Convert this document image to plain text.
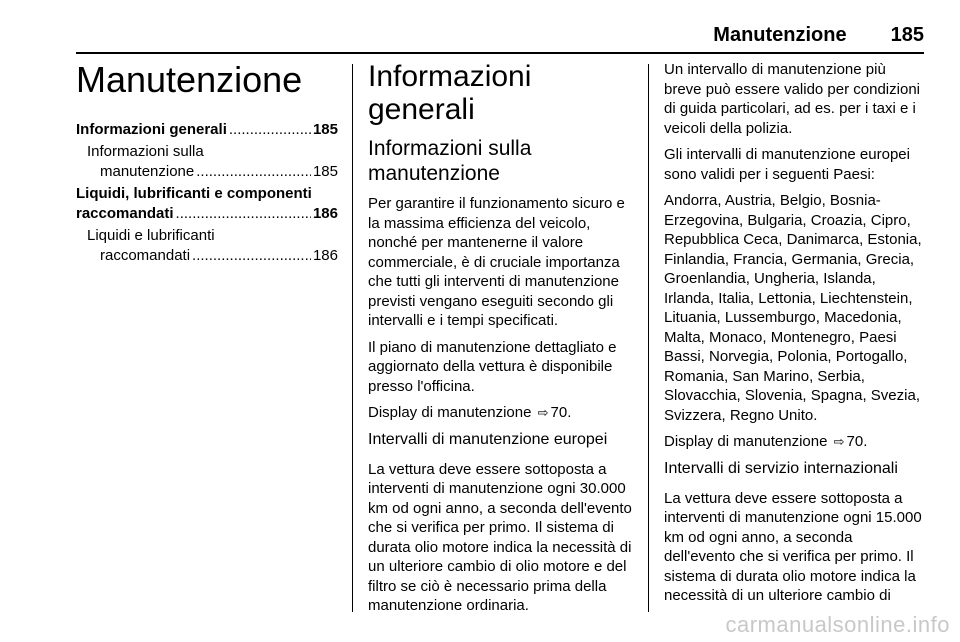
Manutenzione 185
Manutenzione
Informazioni generali .....	185
Informazioni sulla
manutenzione .....	185
Liquidi, lubrificanti e componenti
raccomandati .....	186
Liquidi e lubrificanti
raccomandati .....	186
Informazioni generali
Informazioni sulla manutenzione

Per garantire il funzionamento sicuro e la massima efficienza del veicolo, nonché per mantenerne il valore commerciale, è di cruciale importanza che tutti gli interventi di manutenzione previsti vengano eseguiti secondo gli intervalli e i tempi specificati.

Il piano di manutenzione dettagliato e aggiornato della vettura è disponibile presso l'officina.

Display di manutenzione ⇨ 70.

Intervalli di manutenzione europei

La vettura deve essere sottoposta a interventi di manutenzione ogni 30.000 km od ogni anno, a seconda dell'evento che si verifica per primo. Il sistema di durata olio motore indica la necessità di un ulteriore cambio di olio motore e del filtro se ciò è necessario prima della manutenzione ordinaria.

Un intervallo di manutenzione più breve può essere valido per condizioni di guida particolari, ad es. per i taxi e i veicoli della polizia.

Gli intervalli di manutenzione europei sono validi per i seguenti Paesi:

Andorra, Austria, Belgio, Bosnia-Erzegovina, Bulgaria, Croazia, Cipro, Repubblica Ceca, Danimarca, Estonia, Finlandia, Francia, Germania, Grecia, Groenlandia, Ungheria, Islanda, Irlanda, Italia, Lettonia, Liechtenstein, Lituania, Lussemburgo, Macedonia, Malta, Monaco, Montenegro, Paesi Bassi, Norvegia, Polonia, Portogallo, Romania, San Marino, Serbia, Slovacchia, Slovenia, Spagna, Svezia, Svizzera, Regno Unito.

Display di manutenzione ⇨ 70.

Intervalli di servizio internazionali

La vettura deve essere sottoposta a interventi di manutenzione ogni 15.000 km od ogni anno, a seconda dell'evento che si verifica per primo. Il sistema di durata olio motore indica la necessità di un ulteriore cambio di

carmanualsonline.info
